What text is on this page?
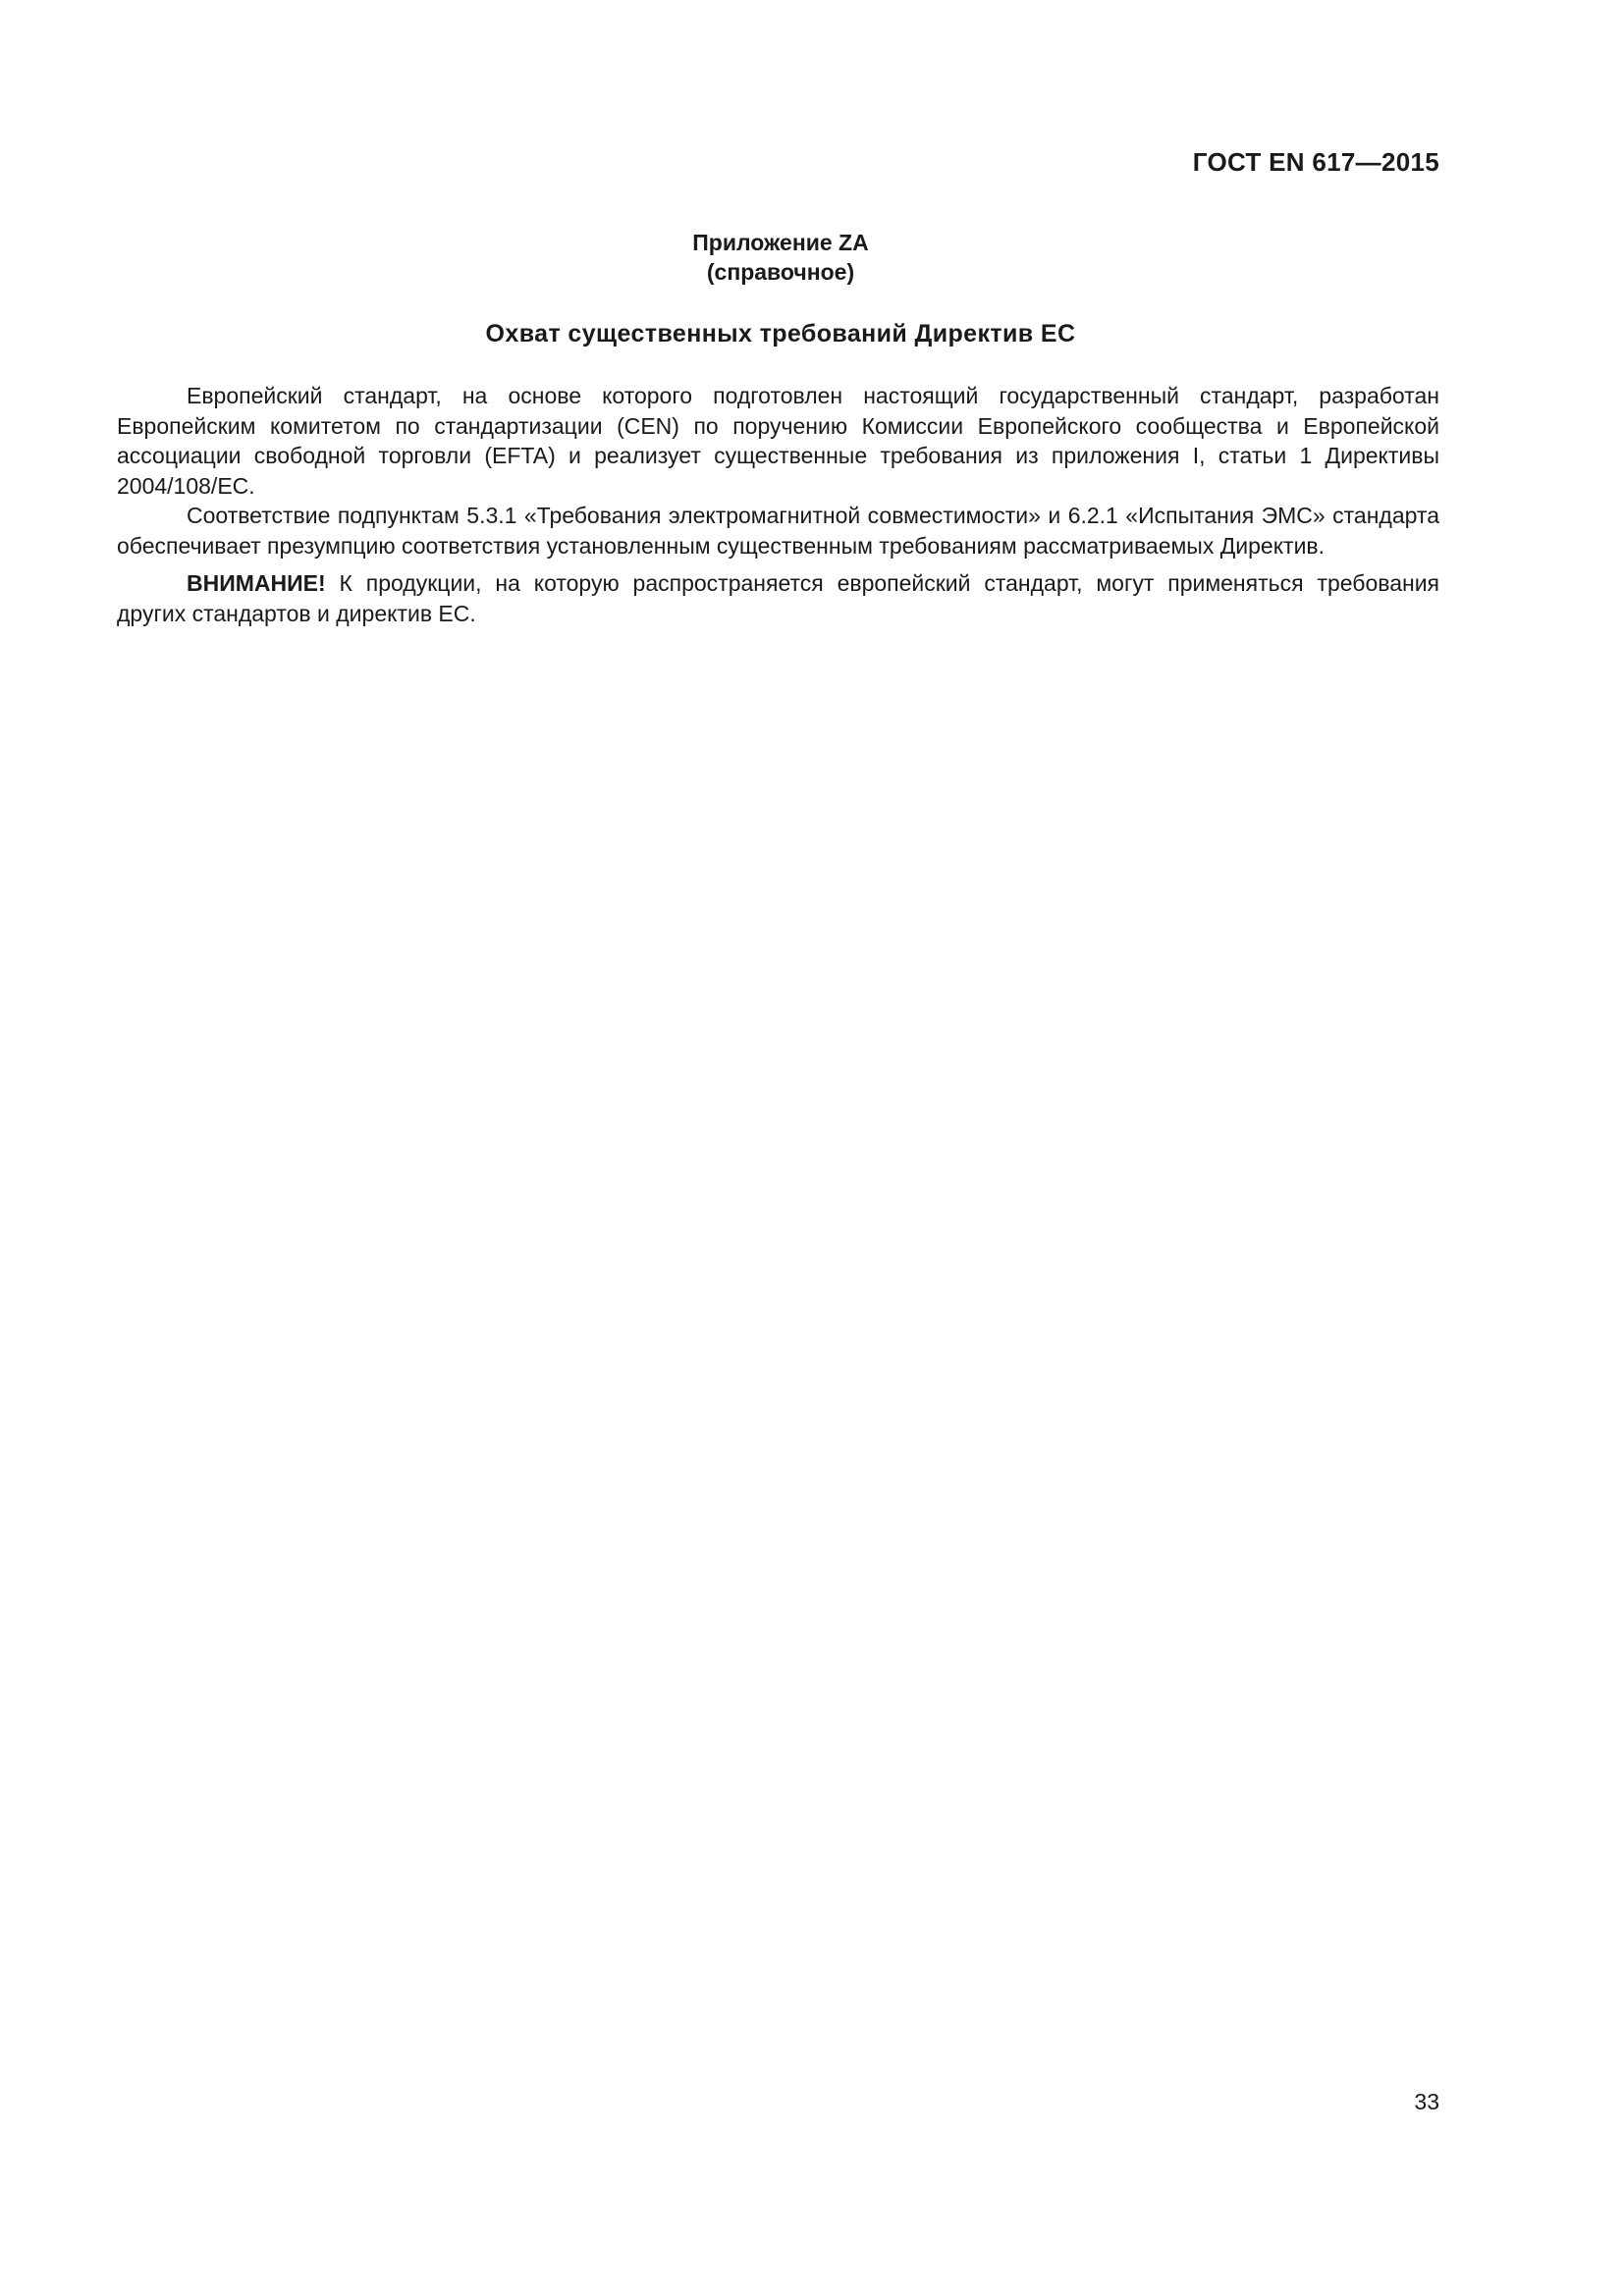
ГОСТ EN 617—2015
Приложение ZA
(справочное)
Охват существенных требований Директив ЕС

Европейский стандарт, на основе которого подготовлен настоящий государственный стандарт, разработан Европейским комитетом по стандартизации (CEN) по поручению Комиссии Европейского сообщества и Европейской ассоциации свободной торговли (EFTA) и реализует существенные требования из приложения I, статьи 1 Директивы 2004/108/ЕС.

Соответствие подпунктам 5.3.1 «Требования электромагнитной совместимости» и 6.2.1 «Испытания ЭМС» стандарта обеспечивает презумпцию соответствия установленным существенным требованиям рассматриваемых Директив.

ВНИМАНИЕ! К продукции, на которую распространяется европейский стандарт, могут применяться требования других стандартов и директив ЕС.

33
